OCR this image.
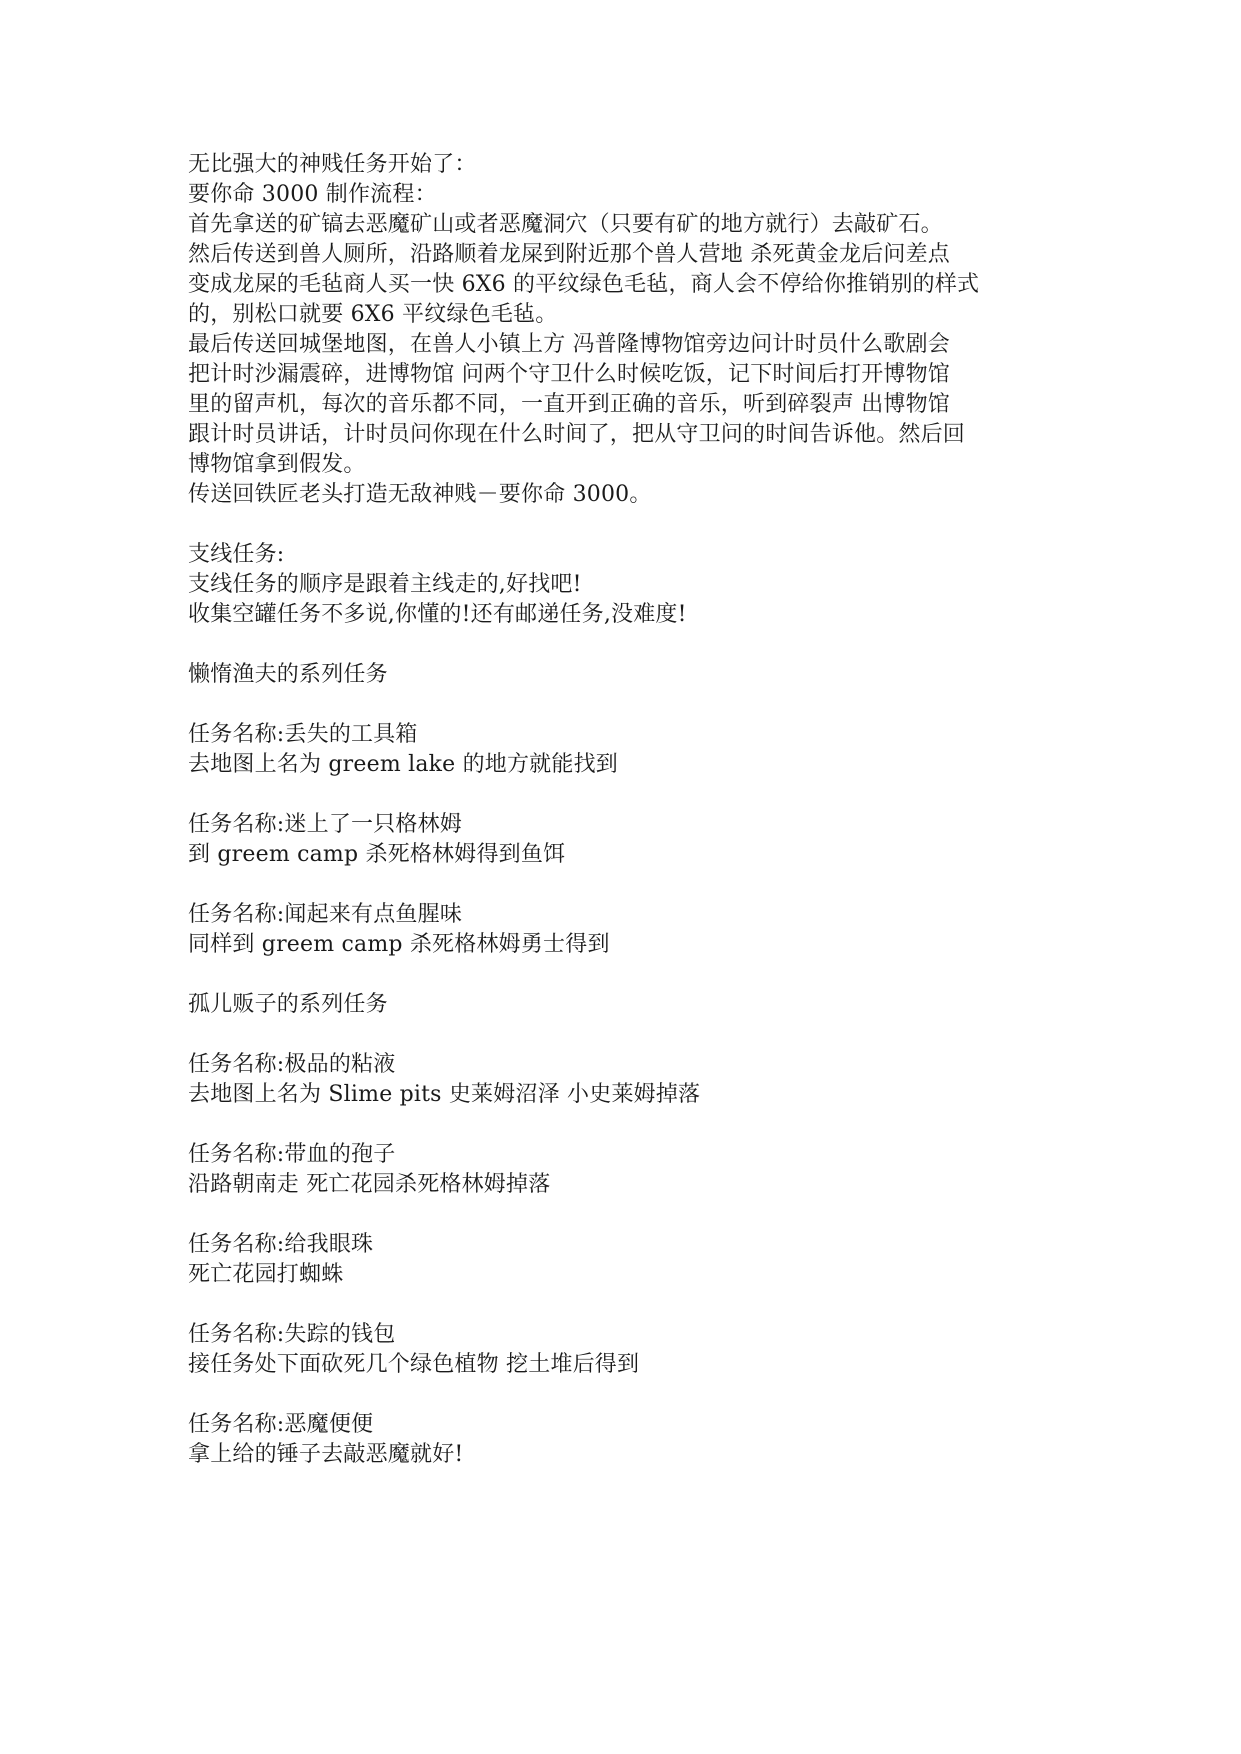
无比强大的神贱任务开始了：
要你命 3000 制作流程：
首先拿送的矿镐去恶魔矿山或者恶魔洞穴（只要有矿的地方就行）去敲矿石。
然后传送到兽人厕所，沿路顺着龙屎到附近那个兽人营地 杀死黄金龙后问差点
变成龙屎的毛毡商人买一快 6X6 的平纹绿色毛毡，商人会不停给你推销别的样式
的，别松口就要 6X6 平纹绿色毛毡。
最后传送回城堡地图，在兽人小镇上方 冯普隆博物馆旁边问计时员什么歌剧会
把计时沙漏震碎，进博物馆 问两个守卫什么时候吃饭，记下时间后打开博物馆
里的留声机，每次的音乐都不同，一直开到正确的音乐，听到碎裂声 出博物馆
跟计时员讲话，计时员问你现在什么时间了，把从守卫问的时间告诉他。然后回
博物馆拿到假发。
传送回铁匠老头打造无敌神贱－要你命 3000。
支线任务:
支线任务的顺序是跟着主线走的,好找吧!
收集空罐任务不多说,你懂的!还有邮递任务,没难度!
懒惰渔夫的系列任务
任务名称:丢失的工具箱
去地图上名为 greem lake 的地方就能找到
任务名称:迷上了一只格林姆
到 greem camp 杀死格林姆得到鱼饵
任务名称:闻起来有点鱼腥味
同样到 greem camp 杀死格林姆勇士得到
孤儿贩子的系列任务
任务名称:极品的粘液
去地图上名为 Slime pits 史莱姆沼泽 小史莱姆掉落
任务名称:带血的孢子
沿路朝南走 死亡花园杀死格林姆掉落
任务名称:给我眼珠
死亡花园打蜘蛛
任务名称:失踪的钱包
接任务处下面砍死几个绿色植物 挖土堆后得到
任务名称:恶魔便便
拿上给的锤子去敲恶魔就好!
